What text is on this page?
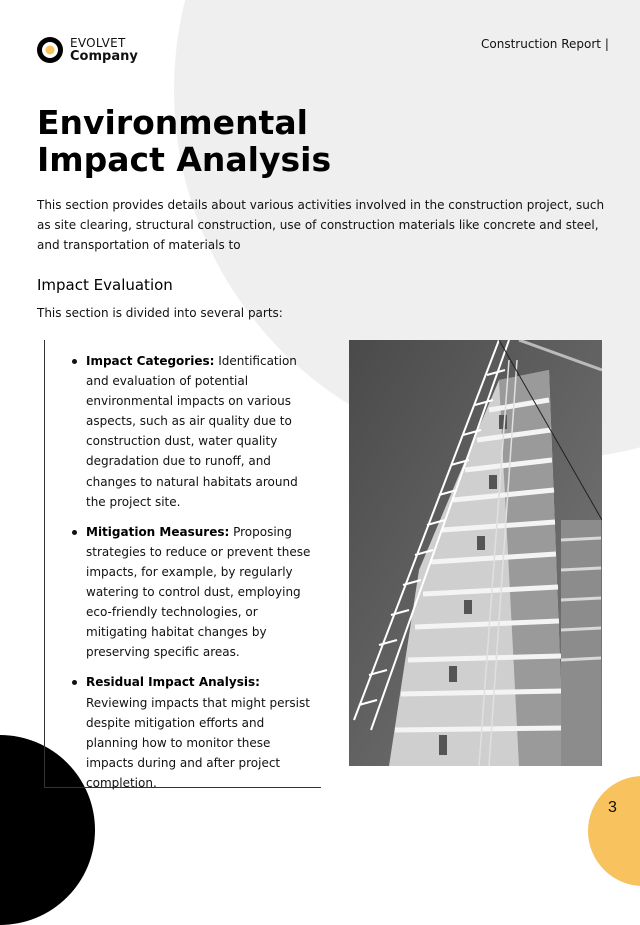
3
EVOLVET
Company
Construction Report |
Environmental
Impact Analysis

This section provides details about various activities involved in the construction project, such as site clearing, structural construction, use of construction materials like concrete and steel, and transportation of materials to

Impact Evaluation

This section is divided into several parts:

Impact Categories: Identification and evaluation of potential environmental impacts on various aspects, such as air quality due to construction dust, water quality degradation due to runoff, and changes to natural habitats around the project site.
Mitigation Measures: Proposing strategies to reduce or prevent these impacts, for example, by regularly watering to control dust, employing eco-friendly technologies, or mitigating habitat changes by preserving specific areas.
Residual Impact Analysis: Reviewing impacts that might persist despite mitigation efforts and planning how to monitor these impacts during and after project completion.
